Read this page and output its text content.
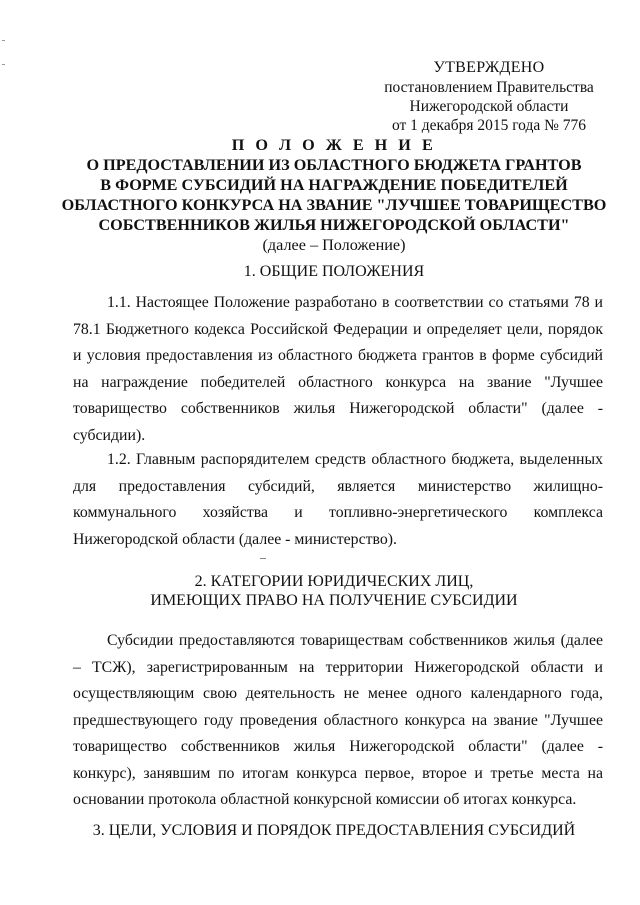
УТВЕРЖДЕНО
постановлением Правительства
Нижегородской области
от 1 декабря 2015 года № 776
П О Л О Ж Е Н И Е
О ПРЕДОСТАВЛЕНИИ ИЗ ОБЛАСТНОГО БЮДЖЕТА ГРАНТОВ
В ФОРМЕ СУБСИДИЙ НА НАГРАЖДЕНИЕ ПОБЕДИТЕЛЕЙ
ОБЛАСТНОГО КОНКУРСА НА ЗВАНИЕ "ЛУЧШЕЕ ТОВАРИЩЕСТВО
СОБСТВЕННИКОВ ЖИЛЬЯ НИЖЕГОРОДСКОЙ ОБЛАСТИ"
(далее – Положение)
1. ОБЩИЕ ПОЛОЖЕНИЯ
1.1. Настоящее Положение разработано в соответствии со статьями 78 и 78.1 Бюджетного кодекса Российской Федерации и определяет цели, порядок и условия предоставления из областного бюджета грантов в форме субсидий на награждение победителей областного конкурса на звание "Лучшее товарищество собственников жилья Нижегородской области" (далее - субсидии).
1.2. Главным распорядителем средств областного бюджета, выделенных для предоставления субсидий, является министерство жилищно-коммунального хозяйства и топливно-энергетического комплекса Нижегородской области (далее - министерство).
2. КАТЕГОРИИ ЮРИДИЧЕСКИХ ЛИЦ,
ИМЕЮЩИХ ПРАВО НА ПОЛУЧЕНИЕ СУБСИДИИ
Субсидии предоставляются товариществам собственников жилья (далее – ТСЖ), зарегистрированным на территории Нижегородской области и осуществляющим свою деятельность не менее одного календарного года, предшествующего году проведения областного конкурса на звание "Лучшее товарищество собственников жилья Нижегородской области" (далее - конкурс), занявшим по итогам конкурса первое, второе и третье места на основании протокола областной конкурсной комиссии об итогах конкурса.
3. ЦЕЛИ, УСЛОВИЯ И ПОРЯДОК ПРЕДОСТАВЛЕНИЯ СУБСИДИЙ
